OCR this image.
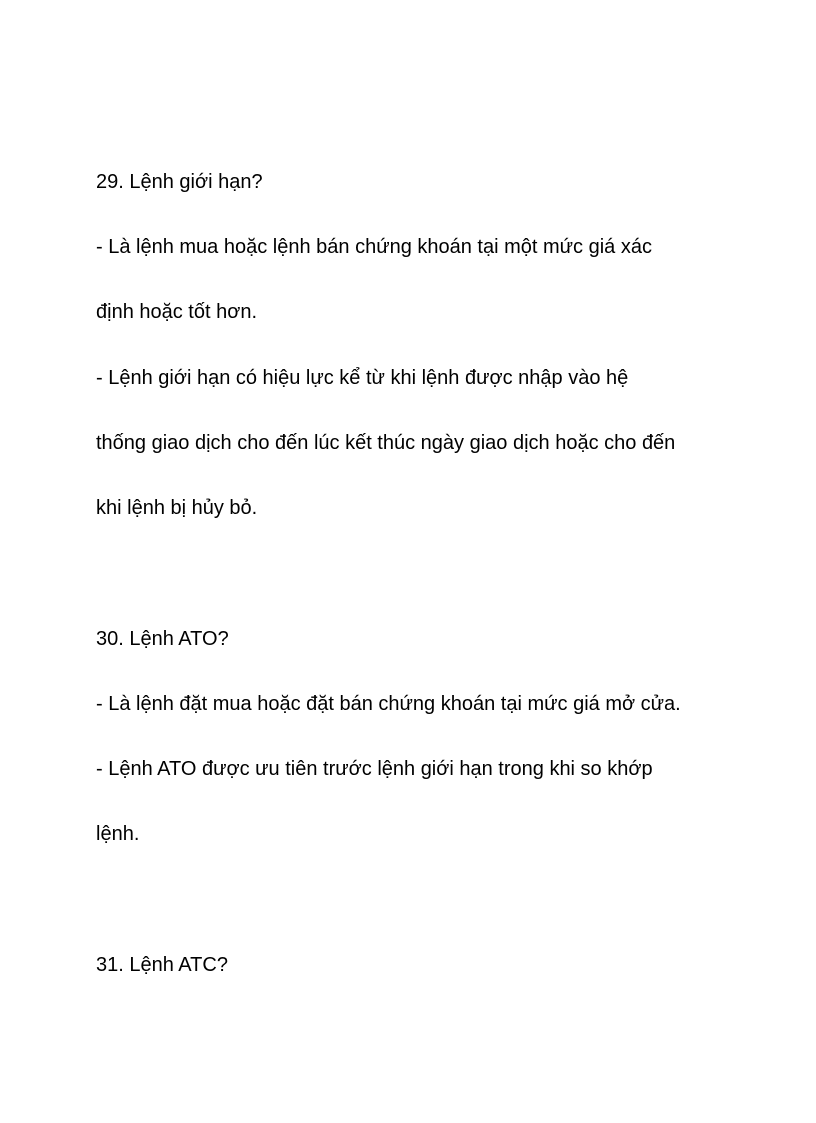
29. Lệnh giới hạn?

- Là lệnh mua hoặc lệnh bán chứng khoán tại một mức giá xác

định hoặc tốt hơn.

- Lệnh giới hạn có hiệu lực kể từ khi lệnh được nhập vào hệ

thống giao dịch cho đến lúc kết thúc ngày giao dịch hoặc cho đến

khi lệnh bị hủy bỏ.

30. Lệnh ATO?

- Là lệnh đặt mua hoặc đặt bán chứng khoán tại mức giá mở cửa.

- Lệnh ATO được ưu tiên trước lệnh giới hạn trong khi so khớp

lệnh.

31. Lệnh ATC?
